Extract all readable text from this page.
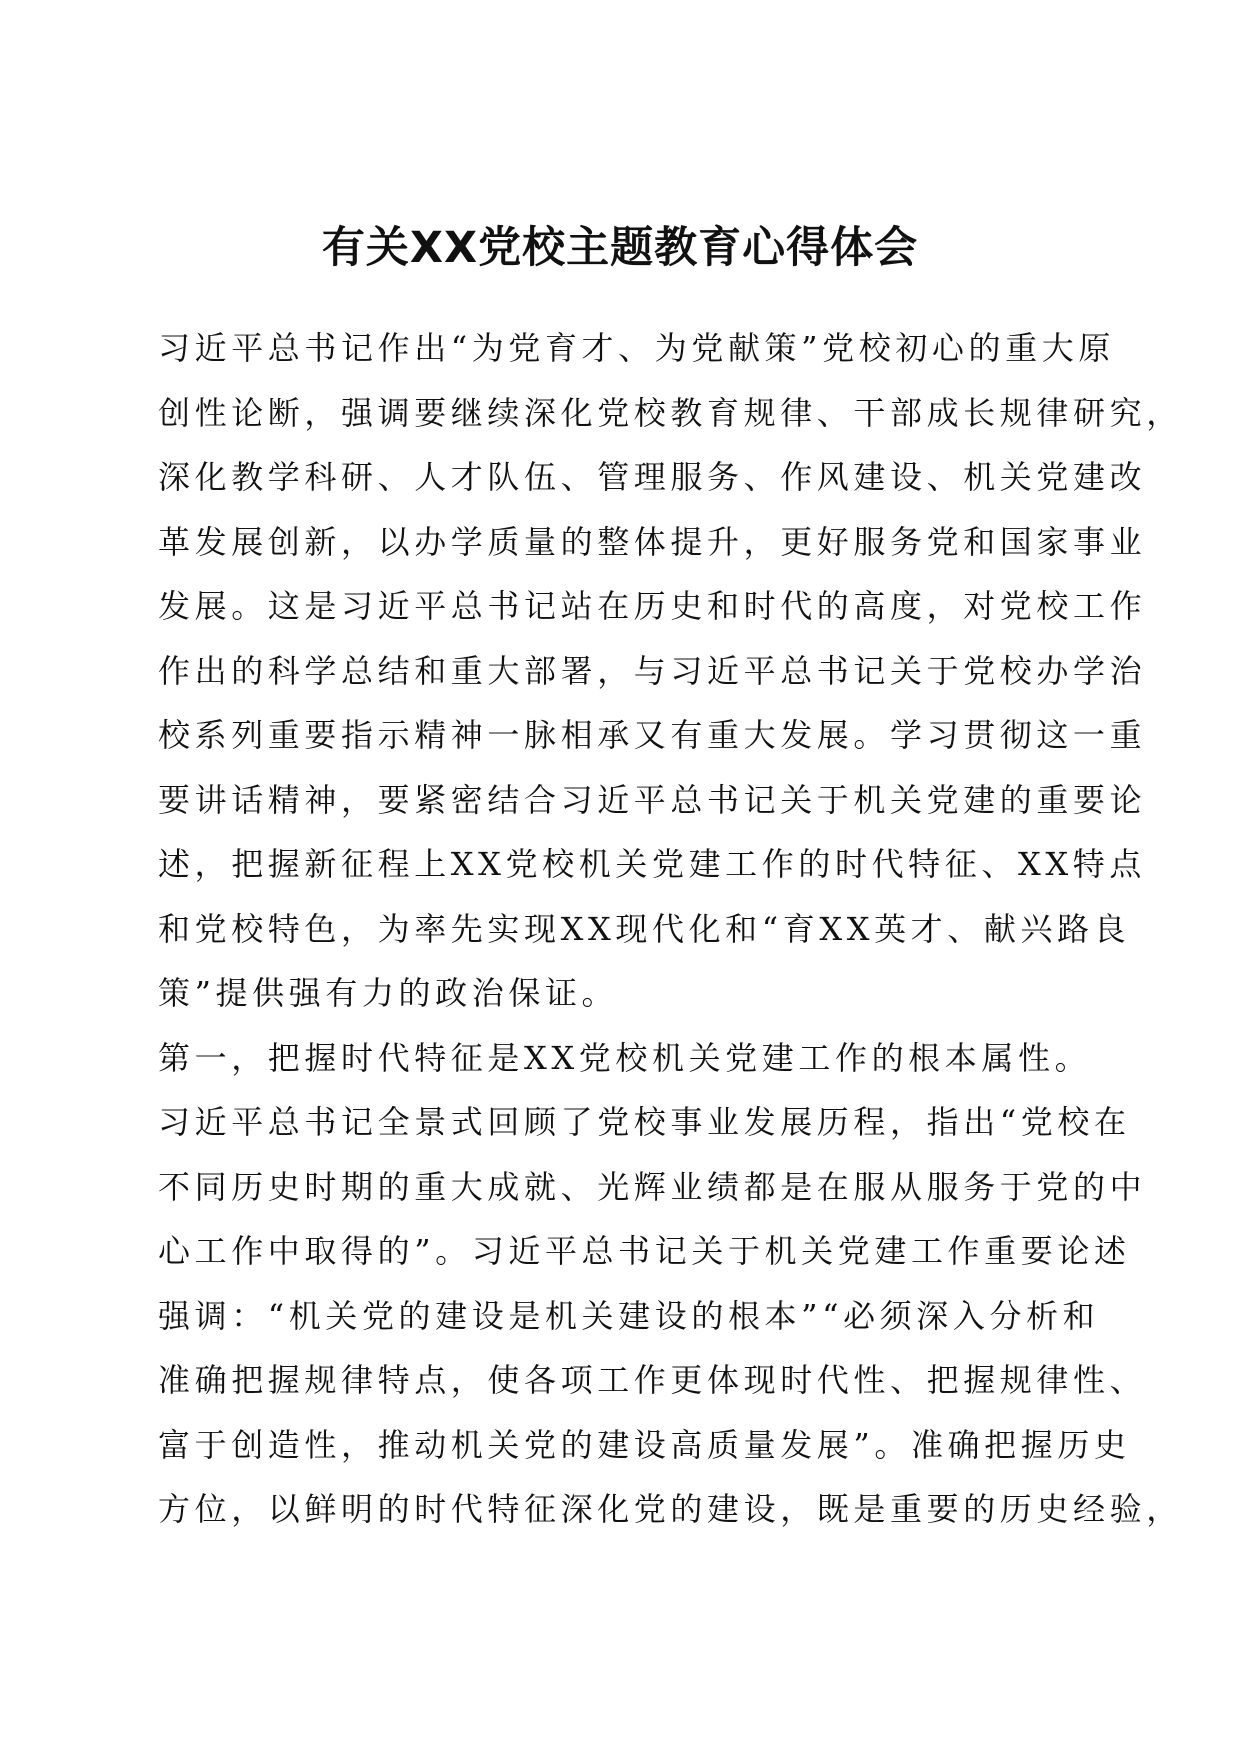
有关XX党校主题教育心得体会

习近平总书记作出“为党育才、为党献策”党校初心的重大原
创性论断，强调要继续深化党校教育规律、干部成长规律研究，
深化教学科研、人才队伍、管理服务、作风建设、机关党建改
革发展创新，以办学质量的整体提升，更好服务党和国家事业
发展。这是习近平总书记站在历史和时代的高度，对党校工作
作出的科学总结和重大部署，与习近平总书记关于党校办学治
校系列重要指示精神一脉相承又有重大发展。学习贯彻这一重
要讲话精神，要紧密结合习近平总书记关于机关党建的重要论
述，把握新征程上XX党校机关党建工作的时代特征、XX特点
和党校特色，为率先实现XX现代化和“育XX英才、献兴路良
策”提供强有力的政治保证。

第一，把握时代特征是XX党校机关党建工作的根本属性。

习近平总书记全景式回顾了党校事业发展历程，指出“党校在
不同历史时期的重大成就、光辉业绩都是在服从服务于党的中
心工作中取得的”。习近平总书记关于机关党建工作重要论述
强调：“机关党的建设是机关建设的根本”“必须深入分析和
准确把握规律特点，使各项工作更体现时代性、把握规律性、
富于创造性，推动机关党的建设高质量发展”。准确把握历史
方位，以鲜明的时代特征深化党的建设，既是重要的历史经验，
